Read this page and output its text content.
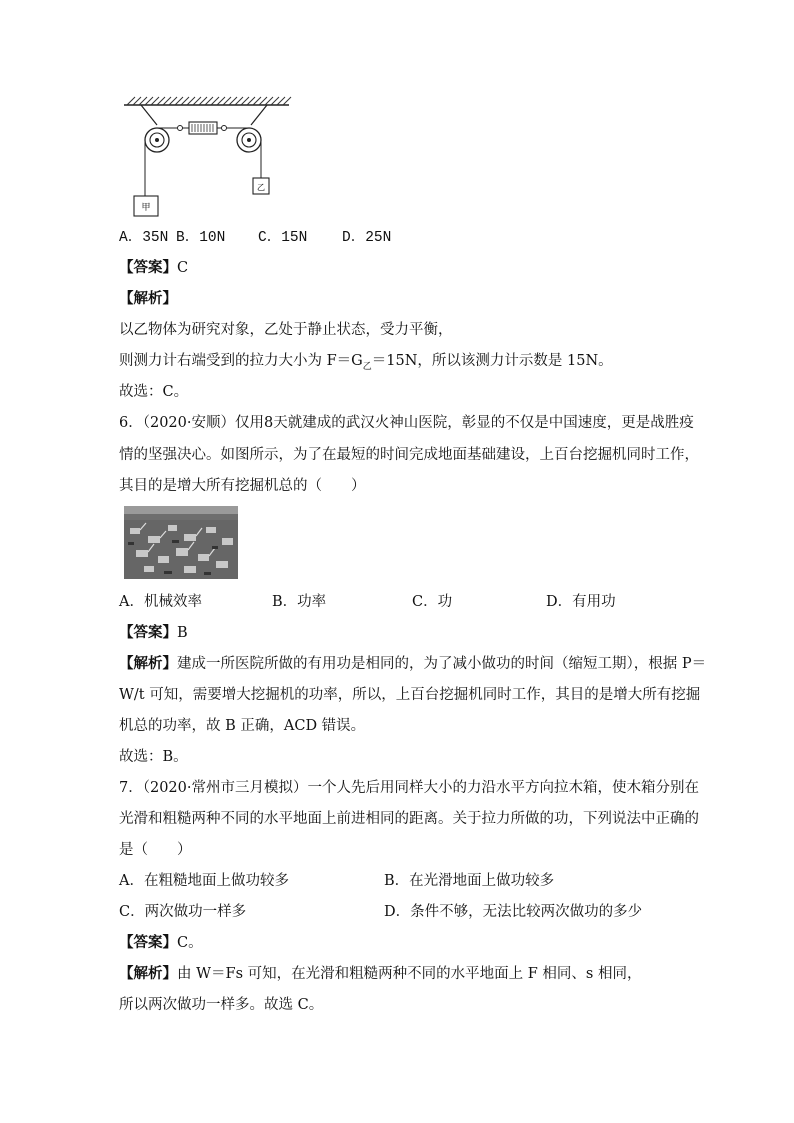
甲
乙
A．35N B．10N C．15N D．25N
【答案】C
【解析】
以乙物体为研究对象，乙处于静止状态，受力平衡，
则测力计右端受到的拉力大小为 $F=G_乙=15N$，所以该测力计示数是 15N。
故选：C。
6．（2020·安顺）仅用8天就建成的武汉火神山医院，彰显的不仅是中国速度，更是战胜疫
情的坚强决心。如图所示，为了在最短的时间完成地面基础建设，上百台挖掘机同时工作，
其目的是增大所有挖掘机总的（　　）
A．机械效率	B．功率	C．功	D．有用功
【答案】B
【解析】建成一所医院所做的有用功是相同的，为了减小做功的时间（缩短工期），根据 P＝
W/t 可知，需要增大挖掘机的功率，所以，上百台挖掘机同时工作，其目的是增大所有挖掘
机总的功率，故 B 正确，ACD 错误。
故选：B。
7．（2020·常州市三月模拟）一个人先后用同样大小的力沿水平方向拉木箱，使木箱分别在
光滑和粗糙两种不同的水平地面上前进相同的距离。关于拉力所做的功，下列说法中正确的
是（　　）
A．在粗糙地面上做功较多	B．在光滑地面上做功较多
C．两次做功一样多	D．条件不够，无法比较两次做功的多少
【答案】C。
【解析】由 W＝Fs 可知，在光滑和粗糙两种不同的水平地面上 F 相同、s 相同，
所以两次做功一样多。故选 C。
